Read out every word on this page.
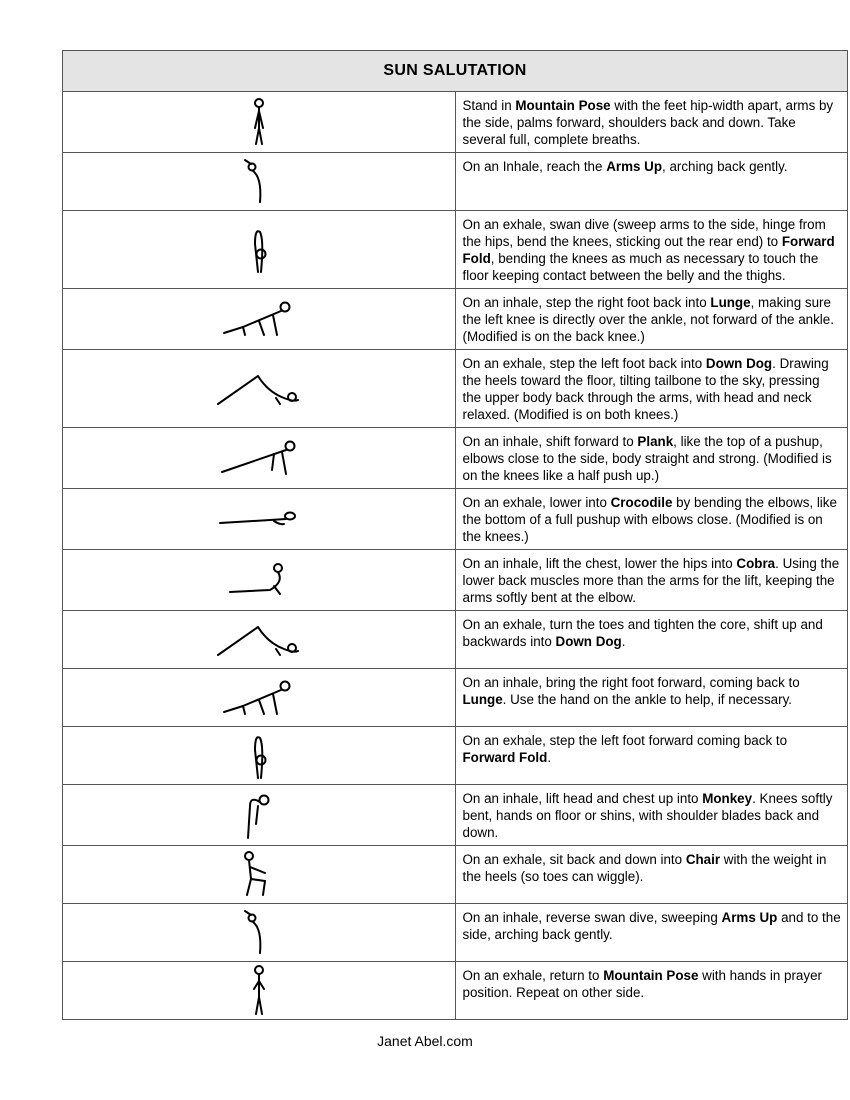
SUN SALUTATION	

	Stand in Mountain Pose with the feet hip-width apart, arms by the side, palms forward, shoulders back and down. Take several full, complete breaths.

	On an Inhale, reach the Arms Up, arching back gently.

	On an exhale, swan dive (sweep arms to the side, hinge from the hips, bend the knees, sticking out the rear end) to Forward Fold, bending the knees as much as necessary to touch the floor keeping contact between the belly and the thighs.

	On an inhale, step the right foot back into Lunge, making sure the left knee is directly over the ankle, not forward of the ankle. (Modified is on the back knee.)

	On an exhale, step the left foot back into Down Dog. Drawing the heels toward the floor, tilting tailbone to the sky, pressing the upper body back through the arms, with head and neck relaxed. (Modified is on both knees.)

	On an inhale, shift forward to Plank, like the top of a pushup, elbows close to the side, body straight and strong. (Modified is on the knees like a half push up.)

	On an exhale, lower into Crocodile by bending the elbows, like the bottom of a full pushup with elbows close. (Modified is on the knees.)

	On an inhale, lift the chest, lower the hips into Cobra. Using the lower back muscles more than the arms for the lift, keeping the arms softly bent at the elbow.

	On an exhale, turn the toes and tighten the core, shift up and backwards into Down Dog.

	On an inhale, bring the right foot forward, coming back to Lunge. Use the hand on the ankle to help, if necessary.

	On an exhale, step the left foot forward coming back to
Forward Fold.

	On an inhale, lift head and chest up into Monkey. Knees softly bent, hands on floor or shins, with shoulder blades back and down.

	On an exhale, sit back and down into Chair with the weight in the heels (so toes can wiggle).

	On an inhale, reverse swan dive, sweeping Arms Up and to the side, arching back gently.

	On an exhale, return to Mountain Pose with hands in prayer position. Repeat on other side.
Janet Abel.com
